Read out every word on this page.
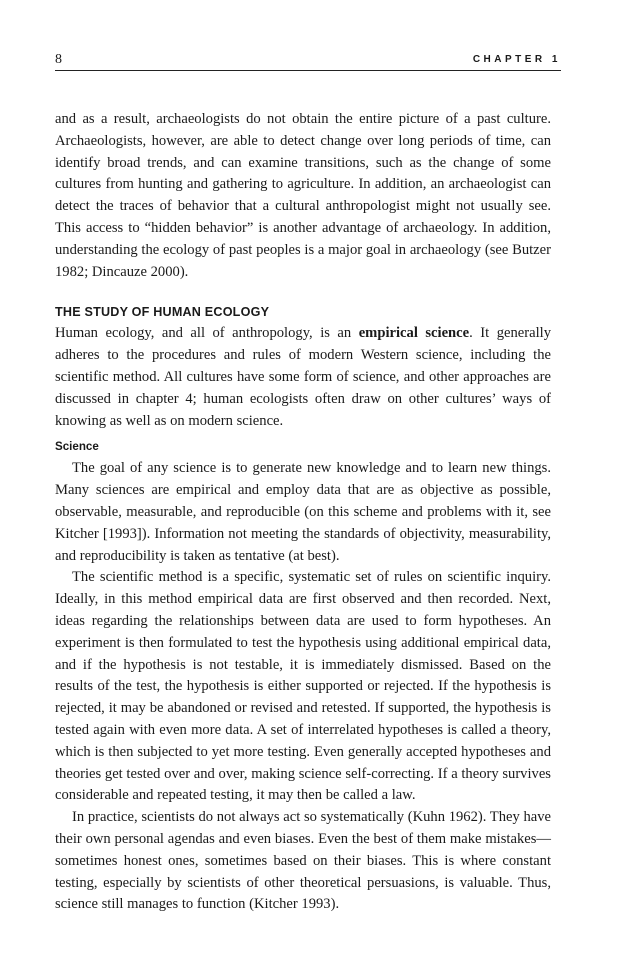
8	CHAPTER 1

and as a result, archaeologists do not obtain the entire picture of a past culture. Archaeologists, however, are able to detect change over long periods of time, can identify broad trends, and can examine transitions, such as the change of some cultures from hunting and gathering to agriculture. In addition, an archaeologist can detect the traces of behavior that a cultural anthropologist might not usually see. This access to “hidden behavior” is another advantage of archaeology. In addition, understanding the ecology of past peoples is a major goal in archaeology (see Butzer 1982; Dincauze 2000).

THE STUDY OF HUMAN ECOLOGY

Human ecology, and all of anthropology, is an empirical science. It generally adheres to the procedures and rules of modern Western science, including the scientific method. All cultures have some form of science, and other approaches are discussed in chapter 4; human ecologists often draw on other cultures’ ways of knowing as well as on modern science.

Science

The goal of any science is to generate new knowledge and to learn new things. Many sciences are empirical and employ data that are as objective as possible, observable, measurable, and reproducible (on this scheme and problems with it, see Kitcher [1993]). Information not meeting the standards of objectivity, measurability, and reproducibility is taken as tentative (at best).

The scientific method is a specific, systematic set of rules on scientific inquiry. Ideally, in this method empirical data are first observed and then recorded. Next, ideas regarding the relationships between data are used to form hypotheses. An experiment is then formulated to test the hypothesis using additional empirical data, and if the hypothesis is not testable, it is immediately dismissed. Based on the results of the test, the hypothesis is either supported or rejected. If the hypothesis is rejected, it may be abandoned or revised and retested. If supported, the hypothesis is tested again with even more data. A set of interrelated hypotheses is called a theory, which is then subjected to yet more testing. Even generally accepted hypotheses and theories get tested over and over, making science self-correcting. If a theory survives considerable and repeated testing, it may then be called a law.

In practice, scientists do not always act so systematically (Kuhn 1962). They have their own personal agendas and even biases. Even the best of them make mistakes—sometimes honest ones, sometimes based on their biases. This is where constant testing, especially by scientists of other theoretical persuasions, is valuable. Thus, science still manages to function (Kitcher 1993).
